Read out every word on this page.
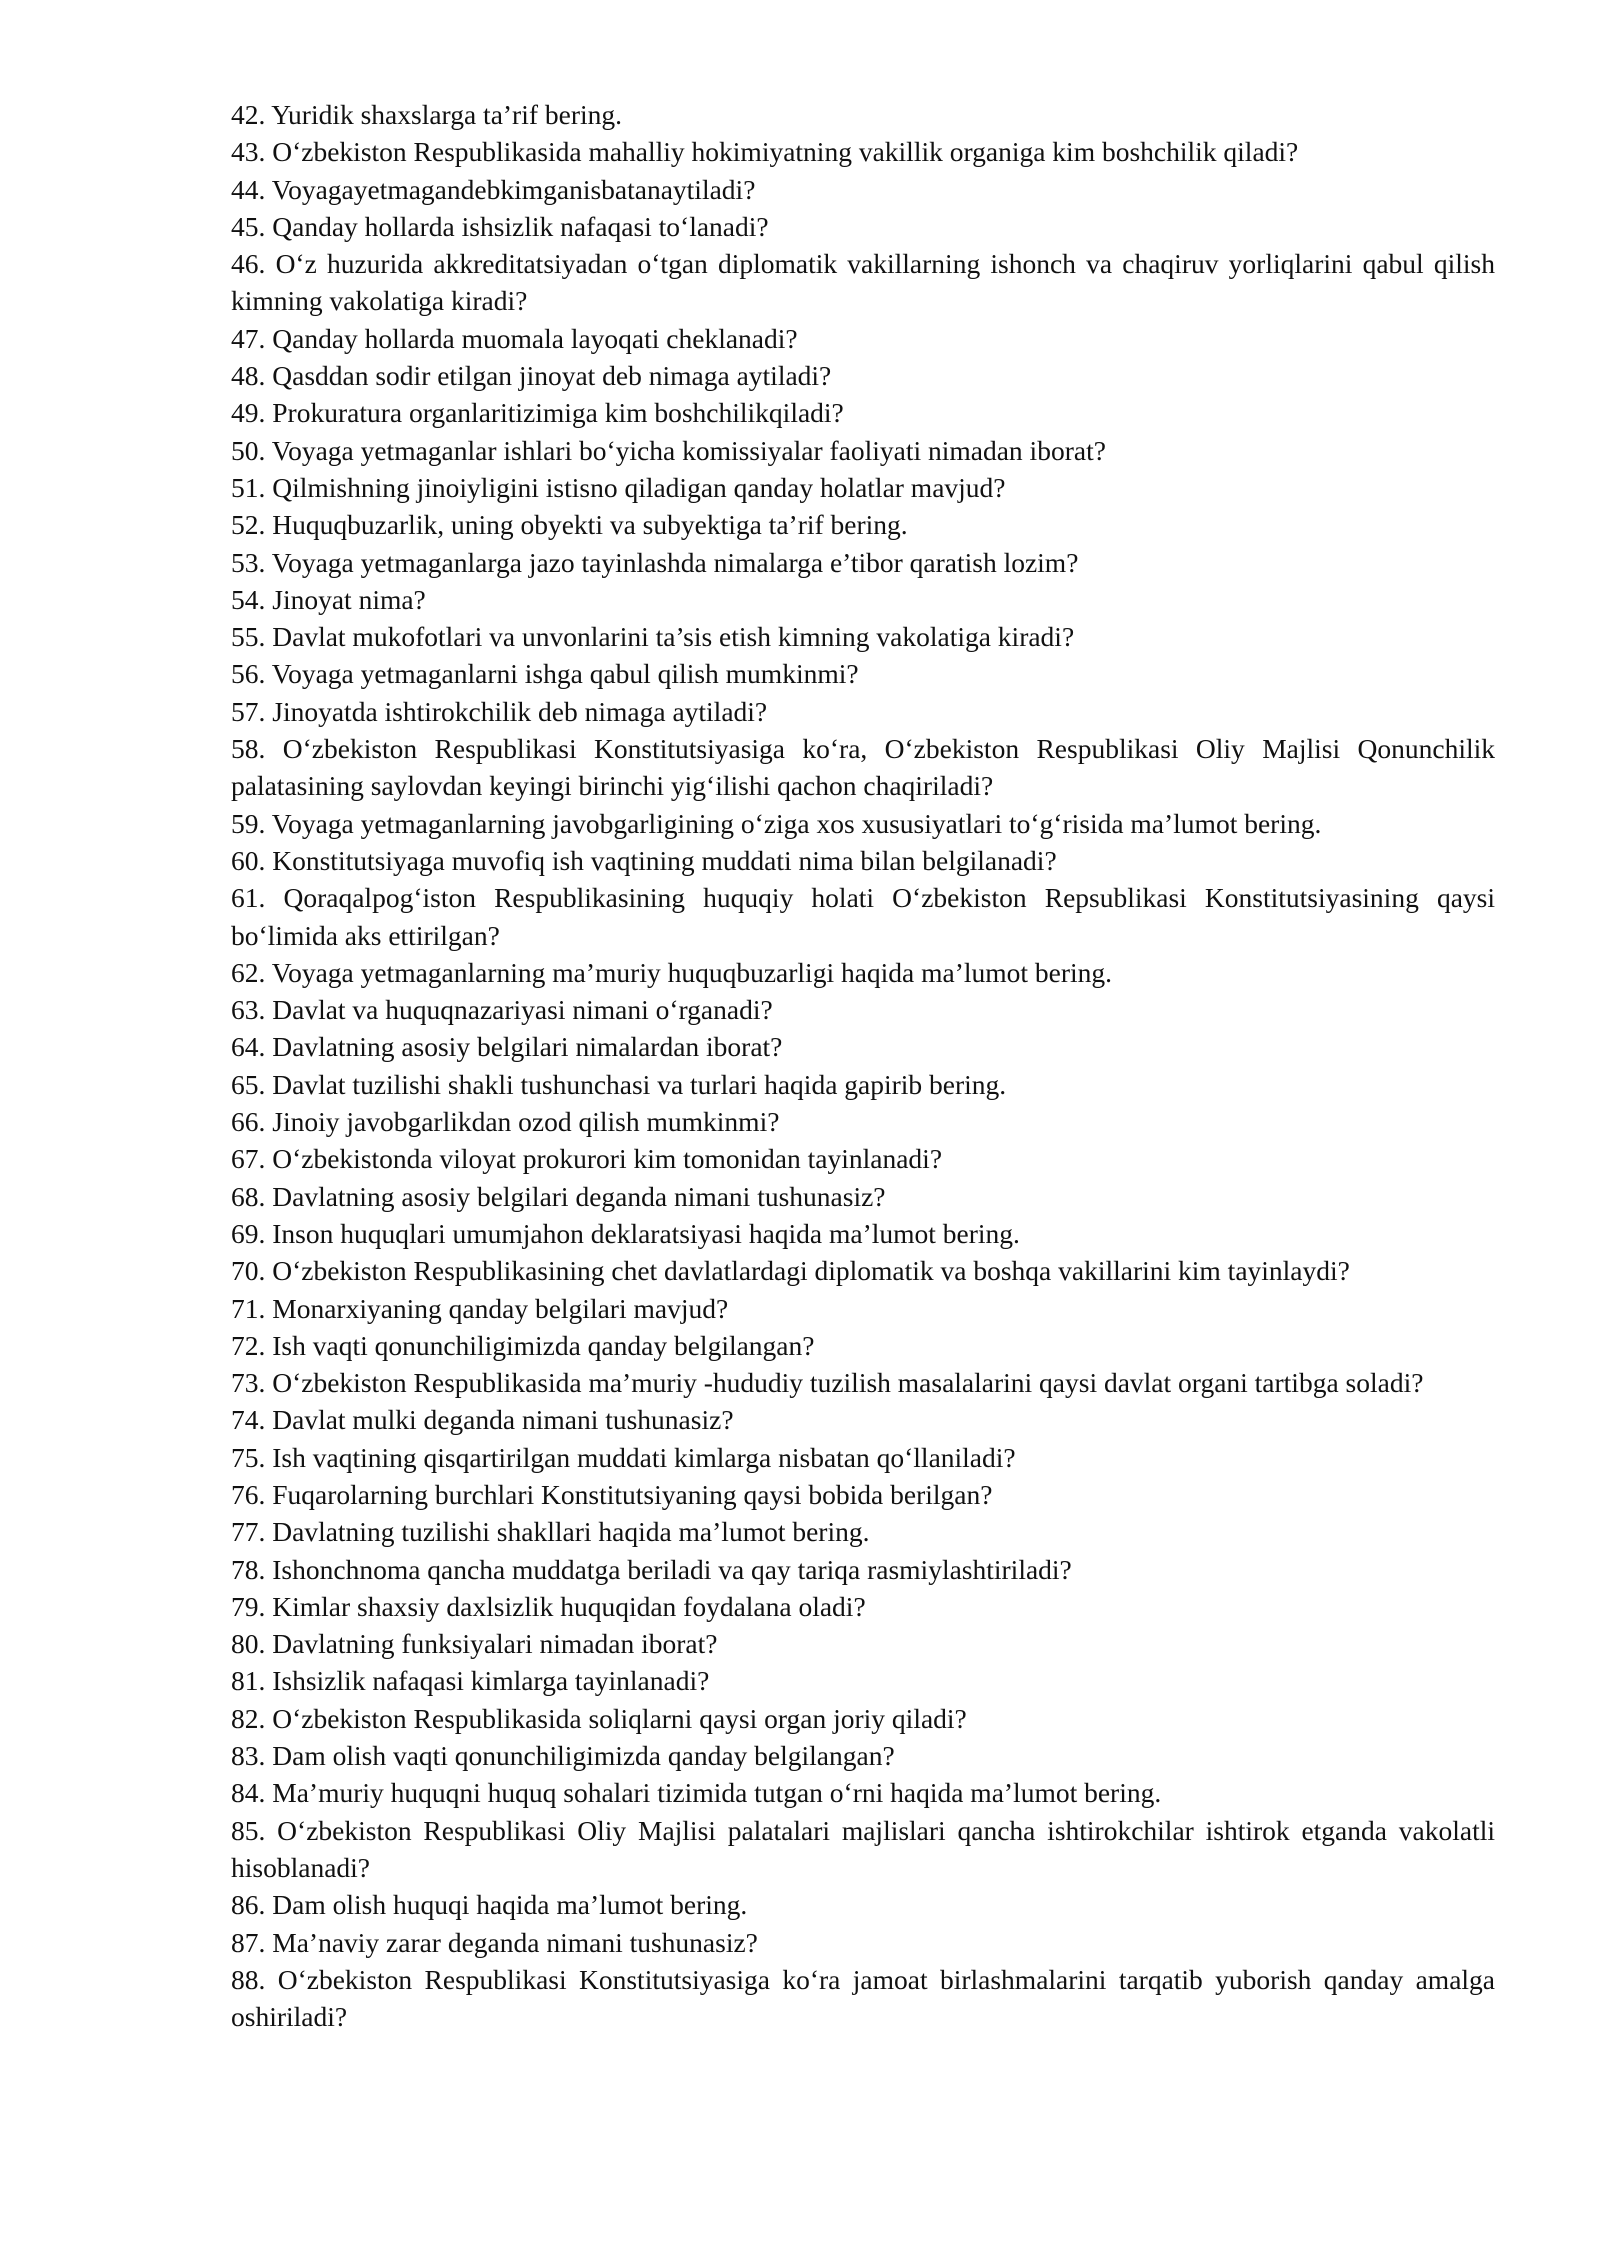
42. Yuridik shaxslarga ta’rif bering.

43. O‘zbekiston Respublikasida mahalliy hokimiyatning vakillik organiga kim boshchilik qiladi?

44. Voyagayetmagandebkimganisbatanaytiladi?

45. Qanday hollarda ishsizlik nafaqasi to‘lanadi?

46. O‘z huzurida akkreditatsiyadan o‘tgan diplomatik vakillarning ishonch va chaqiruv yorliqlarini qabul qilish kimning vakolatiga kiradi?

47. Qanday hollarda muomala layoqati cheklanadi?

48. Qasddan sodir etilgan jinoyat deb nimaga aytiladi?

49. Prokuratura organlaritizimiga kim boshchilikqiladi?

50. Voyaga yetmaganlar ishlari bo‘yicha komissiyalar faoliyati nimadan iborat?

51. Qilmishning jinoiyligini istisno qiladigan qanday holatlar mavjud?

52. Huquqbuzarlik, uning obyekti va subyektiga ta’rif bering.

53. Voyaga yetmaganlarga jazo tayinlashda nimalarga e’tibor qaratish lozim?

54. Jinoyat nima?

55. Davlat mukofotlari va unvonlarini ta’sis etish kimning vakolatiga kiradi?

56. Voyaga yetmaganlarni ishga qabul qilish mumkinmi?

57. Jinoyatda ishtirokchilik deb nimaga aytiladi?

58. O‘zbekiston Respublikasi Konstitutsiyasiga ko‘ra, O‘zbekiston Respublikasi Oliy Majlisi Qonunchilik palatasining saylovdan keyingi birinchi yig‘ilishi qachon chaqiriladi?

59. Voyaga yetmaganlarning javobgarligining o‘ziga xos xususiyatlari to‘g‘risida ma’lumot bering.

60. Konstitutsiyaga muvofiq ish vaqtining muddati nima bilan belgilanadi?

61. Qoraqalpog‘iston Respublikasining huquqiy holati O‘zbekiston Repsublikasi Konstitutsiyasining qaysi bo‘limida aks ettirilgan?

62. Voyaga yetmaganlarning ma’muriy huquqbuzarligi haqida ma’lumot bering.

63. Davlat va huquqnazariyasi nimani o‘rganadi?

64. Davlatning asosiy belgilari nimalardan iborat?

65. Davlat tuzilishi shakli tushunchasi va turlari haqida gapirib bering.

66. Jinoiy javobgarlikdan ozod qilish mumkinmi?

67. O‘zbekistonda viloyat prokurori kim tomonidan tayinlanadi?

68. Davlatning asosiy belgilari deganda nimani tushunasiz?

69. Inson huquqlari umumjahon deklaratsiyasi haqida ma’lumot bering.

70. O‘zbekiston Respublikasining chet davlatlardagi diplomatik va boshqa vakillarini kim tayinlaydi?

71. Monarxiyaning qanday belgilari mavjud?

72. Ish vaqti qonunchiligimizda qanday belgilangan?

73. O‘zbekiston Respublikasida ma’muriy -hududiy tuzilish masalalarini qaysi davlat organi tartibga soladi?

74. Davlat mulki deganda nimani tushunasiz?

75. Ish vaqtining qisqartirilgan muddati kimlarga nisbatan qo‘llaniladi?

76. Fuqarolarning burchlari Konstitutsiyaning qaysi bobida berilgan?

77. Davlatning tuzilishi shakllari haqida ma’lumot bering.

78. Ishonchnoma qancha muddatga beriladi va qay tariqa rasmiylashtiriladi?

79. Kimlar shaxsiy daxlsizlik huquqidan foydalana oladi?

80. Davlatning funksiyalari nimadan iborat?

81. Ishsizlik nafaqasi kimlarga tayinlanadi?

82. O‘zbekiston Respublikasida soliqlarni qaysi organ joriy qiladi?

83. Dam olish vaqti qonunchiligimizda qanday belgilangan?

84. Ma’muriy huquqni huquq sohalari tizimida tutgan o‘rni haqida ma’lumot bering.

85. O‘zbekiston Respublikasi Oliy Majlisi palatalari majlislari qancha ishtirokchilar ishtirok etganda vakolatli hisoblanadi?

86. Dam olish huquqi haqida ma’lumot bering.

87. Ma’naviy zarar deganda nimani tushunasiz?

88. O‘zbekiston Respublikasi Konstitutsiyasiga ko‘ra jamoat birlashmalarini tarqatib yuborish qanday amalga oshiriladi?
